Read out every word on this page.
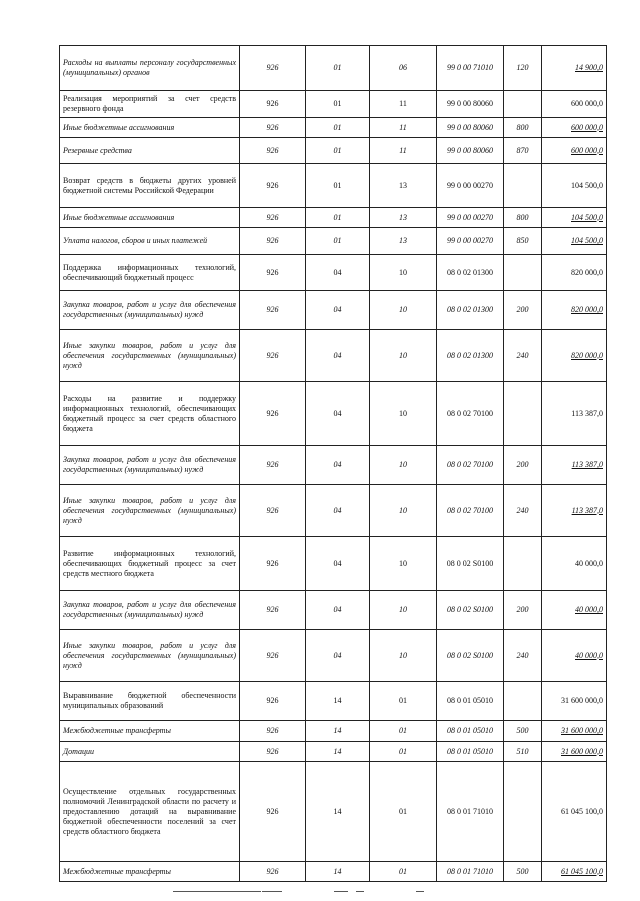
Расходы на выплаты персоналу государственных (муниципальных) органов	926	01	06	99 0 00 71010	120	14 900,0
Реализация мероприятий за счет средств резервного фонда	926	01	11	99 0 00 80060		600 000,0
Иные бюджетные ассигнования	926	01	11	99 0 00 80060	800	600 000,0
Резервные средства	926	01	11	99 0 00 80060	870	600 000,0
Возврат средств в бюджеты других уровней бюджетной системы Российской Федерации	926	01	13	99 0 00 00270		104 500,0
Иные бюджетные ассигнования	926	01	13	99 0 00 00270	800	104 500,0
Уплата налогов, сборов и иных платежей	926	01	13	99 0 00 00270	850	104 500,0
Поддержка информационных технологий, обеспечивающий бюджетный процесс	926	04	10	08 0 02 01300		820 000,0
Закупка товаров, работ и услуг для обеспечения государственных (муниципальных) нужд	926	04	10	08 0 02 01300	200	820 000,0
Иные закупки товаров, работ и услуг для обеспечения государственных (муниципальных) нужд	926	04	10	08 0 02 01300	240	820 000,0
Расходы на развитие и поддержку информационных технологий, обеспечивающих бюджетный процесс за счет средств областного бюджета	926	04	10	08 0 02 70100		113 387,0
Закупка товаров, работ и услуг для обеспечения государственных (муниципальных) нужд	926	04	10	08 0 02 70100	200	113 387,0
Иные закупки товаров, работ и услуг для обеспечения государственных (муниципальных) нужд	926	04	10	08 0 02 70100	240	113 387,0
Развитие информационных технологий, обеспечивающих бюджетный процесс за счет средств местного бюджета	926	04	10	08 0 02 S0100		40 000,0
Закупка товаров, работ и услуг для обеспечения государственных (муниципальных) нужд	926	04	10	08 0 02 S0100	200	40 000,0
Иные закупки товаров, работ и услуг для обеспечения государственных (муниципальных) нужд	926	04	10	08 0 02 S0100	240	40 000,0
Выравнивание бюджетной обеспеченности муниципальных образований	926	14	01	08 0 01 05010		31 600 000,0
Межбюджетные трансферты	926	14	01	08 0 01 05010	500	31 600 000,0
Дотации	926	14	01	08 0 01 05010	510	31 600 000,0
Осуществление отдельных государственных полномочий Ленинградской области по расчету и предоставлению дотаций на выравнивание бюджетной обеспеченности поселений за счет средств областного бюджета	926	14	01	08 0 01 71010		61 045 100,0
Межбюджетные трансферты	926	14	01	08 0 01 71010	500	61 045 100,0
